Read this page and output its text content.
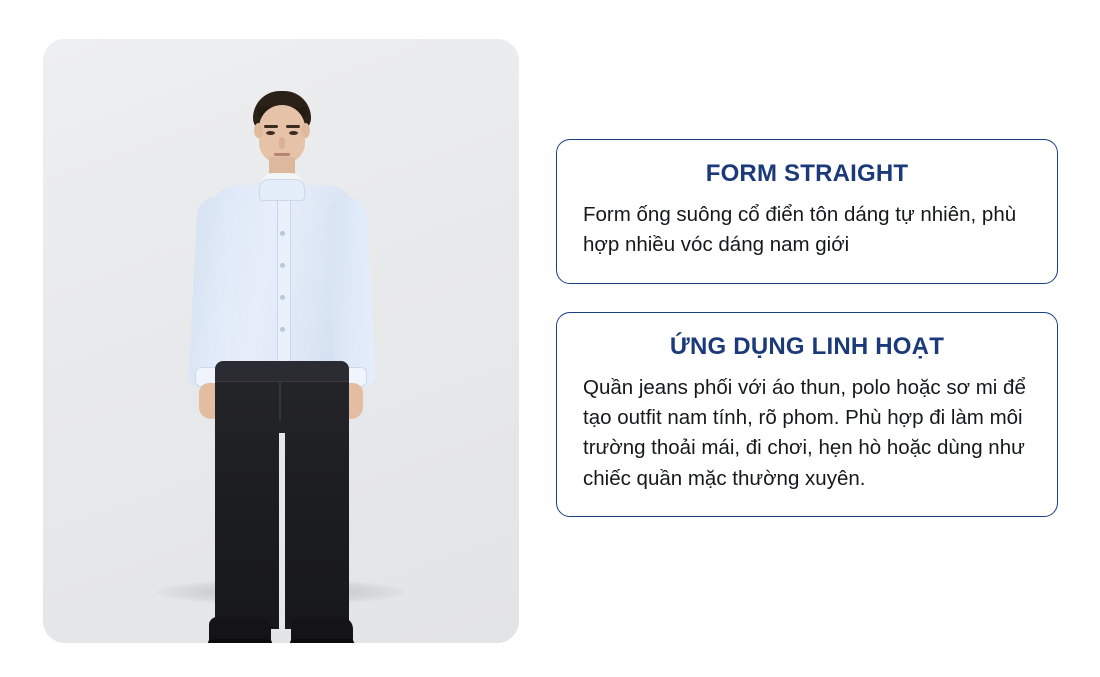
FORM STRAIGHT

Form ống suông cổ điển tôn dáng tự nhiên, phù hợp nhiều vóc dáng nam giới

ỨNG DỤNG LINH HOẠT

Quần jeans phối với áo thun, polo hoặc sơ mi để tạo outfit nam tính, rõ phom. Phù hợp đi làm môi trường thoải mái, đi chơi, hẹn hò hoặc dùng như chiếc quần mặc thường xuyên.
